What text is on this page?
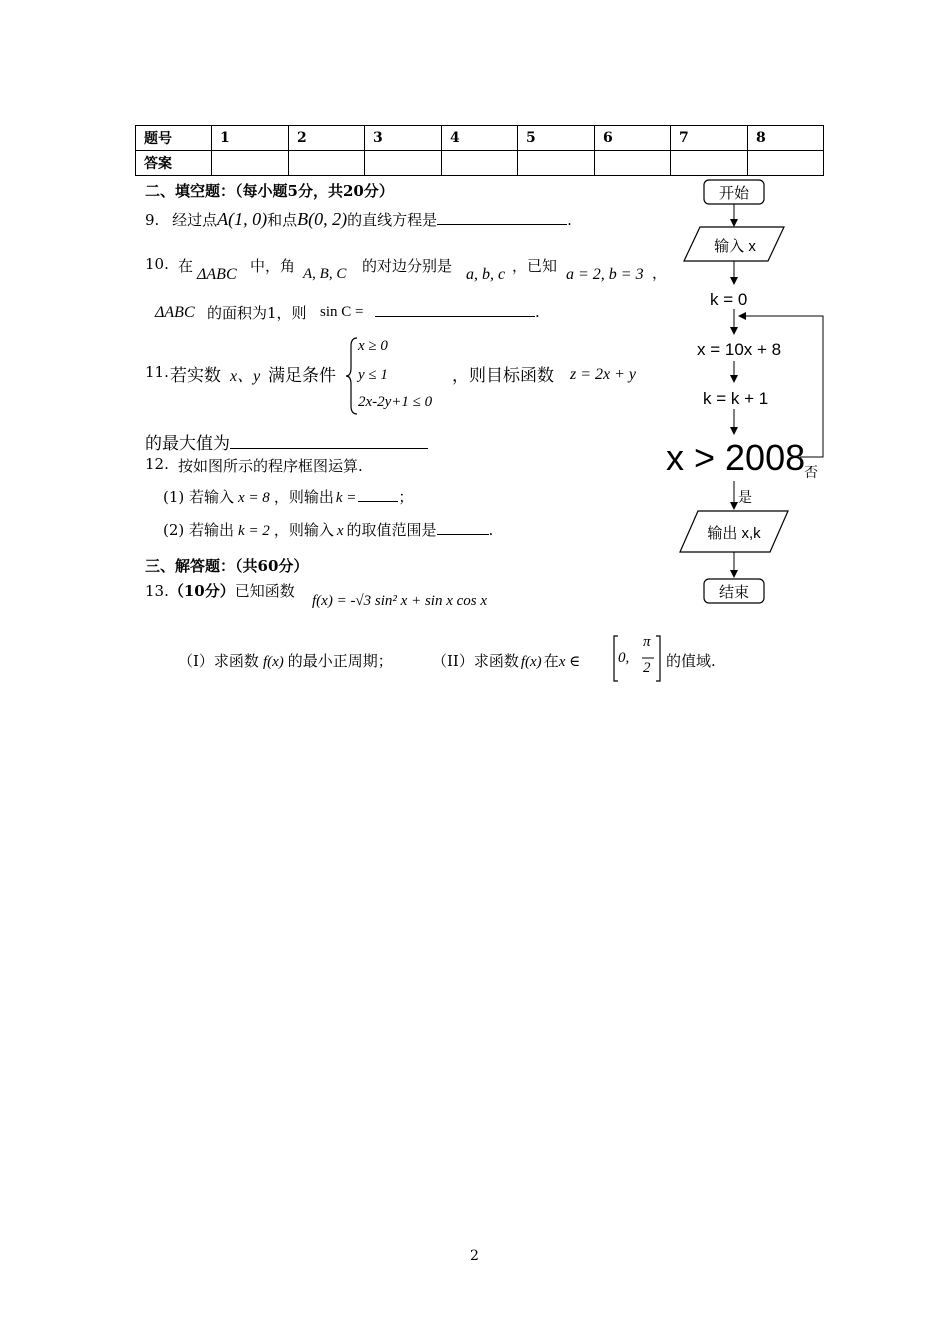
题号	1	2	3	4	5	6	7	8
答案								
二、填空题：（每小题5分，共20分）
9. 经过点A(1, 0)和点B(0, 2)的直线方程是	.
10. 在 ΔABC 中，角 A, B, C 的对边分别是 a, b, c ，已知 a = 2, b = 3 ，
ΔABC 的面积为1，则 sin C =	.
11. 若实数 x、y 满足条件
x ≥ 0
y ≤ 1
2x-2y+1 ≤ 0
，则目标函数 z = 2x + y
的最大值为
12. 按如图所示的程序框图运算.
(1) 若输入 x = 8 ，则输出 k =	；
(2) 若输出 k = 2 ，则输入 x 的取值范围是	.
三、解答题：（共60分）
13.（10分）已知函数
f(x) = -√3 sin² x + sin x cos x
（I）求函数 f(x) 的最小正周期；	（II）求函数 f(x) 在x ∈	0,
π
2 的值域.
开始
输入 x
k = 0
x = 10x + 8
k = k + 1
x > 2008
否
是
输出 x,k
结束
2
